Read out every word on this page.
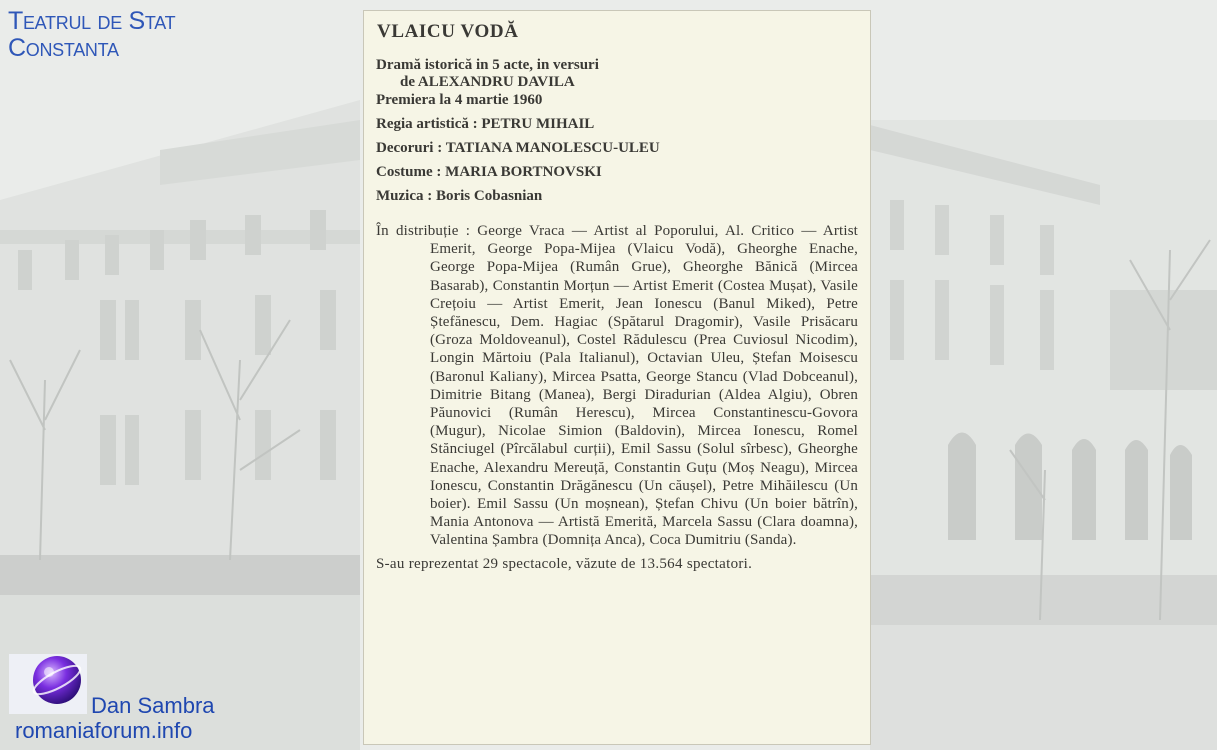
Teatrul de Stat
Constanta
Dan Sambra
romaniaforum.info
VLAICU VODĂ

Dramă istorică in 5 acte, in versuri
de ALEXANDRU DAVILA

Premiera la 4 martie 1960

Regia artistică : PETRU MIHAIL

Decoruri : TATIANA MANOLESCU-ULEU

Costume : MARIA BORTNOVSKI

Muzica : Boris Cobasnian

În distribuție : George Vraca — Artist al Poporului, Al. Critico — Artist Emerit, George Popa-Mijea (Vlaicu Vodă), Gheorghe Enache, George Popa-Mijea (Rumân Grue), Gheorghe Bănică (Mircea Basarab), Constantin Morțun — Artist Emerit (Costea Mușat), Vasile Crețoiu — Artist Emerit, Jean Ionescu (Banul Miked), Petre Ștefănescu, Dem. Hagiac (Spătarul Dragomir), Vasile Prisăcaru (Groza Moldoveanul), Costel Rădulescu (Prea Cuviosul Nicodim), Longin Mărtoiu (Pala Italianul), Octavian Uleu, Ștefan Moisescu (Baronul Kaliany), Mircea Psatta, George Stancu (Vlad Dobceanul), Dimitrie Bitang (Manea), Bergi Diradurian (Aldea Algiu), Obren Păunovici (Rumân Herescu), Mircea Constantinescu-Govora (Mugur), Nicolae Simion (Baldovin), Mircea Ionescu, Romel Stănciugel (Pîrcălabul curții), Emil Sassu (Solul sîrbesc), Gheorghe Enache, Alexandru Mereuță, Constantin Guțu (Moș Neagu), Mircea Ionescu, Constantin Drăgănescu (Un căușel), Petre Mihăilescu (Un boier). Emil Sassu (Un moșnean), Ștefan Chivu (Un boier bătrîn), Mania Antonova — Artistă Emerită, Marcela Sassu (Clara doamna), Valentina Șambra (Domnița Anca), Coca Dumitriu (Sanda).
S-au reprezentat 29 spectacole, văzute de 13.564 spectatori.
